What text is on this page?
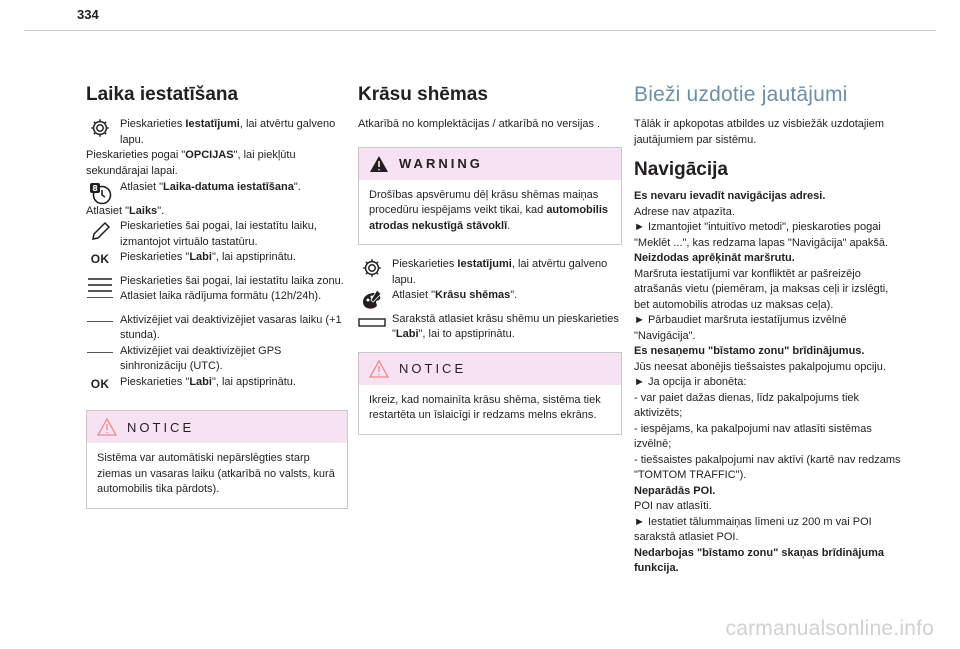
334
Laika iestatīšana
Pieskarieties Iestatījumi, lai atvērtu galveno lapu.

Pieskarieties pogai "OPCIJAS", lai piekļūtu sekundārajai lapai.

8 Atlasiet "Laika-datuma iestatīšana".

Atlasiet "Laiks".

Pieskarieties šai pogai, lai iestatītu laiku, izmantojot virtuālo tastatūru.
OK Pieskarieties "Labi", lai apstiprinātu.
Pieskarieties šai pogai, lai iestatītu laika zonu.
Atlasiet laika rādījuma formātu (12h/24h).
Aktivizējiet vai deaktivizējiet vasaras laiku (+1 stunda).
Aktivizējiet vai deaktivizējiet GPS sinhronizāciju (UTC).
OK Pieskarieties "Labi", lai apstiprinātu.
NOTICE
Sistēma var automātiski nepārslēgties starp ziemas un vasaras laiku (atkarībā no valsts, kurā automobilis tika pārdots).
Krāsu shēmas

Atkarībā no komplektācijas / atkarībā no versijas .

WARNING
Drošības apsvērumu dēļ krāsu shēmas maiņas procedūru iespējams veikt tikai, kad automobilis atrodas nekustīgā stāvoklī.
Pieskarieties Iestatījumi, lai atvērtu galveno lapu.
Atlasiet "Krāsu shēmas".
Sarakstā atlasiet krāsu shēmu un pieskarieties "Labi", lai to apstiprinātu.
NOTICE
Ikreiz, kad nomainīta krāsu shēma, sistēma tiek restartēta un īslaicīgi ir redzams melns ekrāns.
Bieži uzdotie jautājumi

Tālāk ir apkopotas atbildes uz visbiežāk uzdotajiem jautājumiem par sistēmu.

Navigācija

Es nevaru ievadīt navigācijas adresi.

Adrese nav atpazīta.

► Izmantojiet "intuitīvo metodi", pieskaroties pogai "Meklēt ...", kas redzama lapas "Navigācija" apakšā.

Neizdodas aprēķināt maršrutu.

Maršruta iestatījumi var konfliktēt ar pašreizējo atrašanās vietu (piemēram, ja maksas ceļi ir izslēgti, bet automobilis atrodas uz maksas ceļa).

► Pārbaudiet maršruta iestatījumus izvēlnē "Navigācija".

Es nesaņemu "bīstamo zonu" brīdinājumus.

Jūs neesat abonējis tiešsaistes pakalpojumu opciju.

► Ja opcija ir abonēta:

- var paiet dažas dienas, līdz pakalpojums tiek aktivizēts;

- iespējams, ka pakalpojumi nav atlasīti sistēmas izvēlnē;

- tiešsaistes pakalpojumi nav aktīvi (kartē nav redzams "TOMTOM TRAFFIC").

Neparādās POI.

POI nav atlasīti.

► Iestatiet tālummaiņas līmeni uz 200 m vai POI sarakstā atlasiet POI.

Nedarbojas "bīstamo zonu" skaņas brīdinājuma funkcija.

carmanualsonline.info
